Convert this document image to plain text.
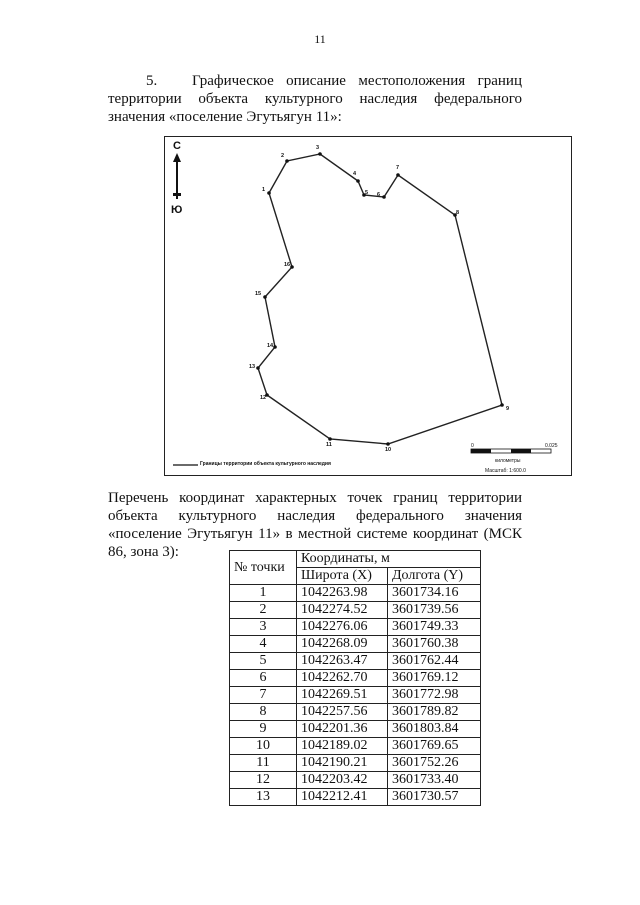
11
5. Графическое описание местоположения границ территории объекта культурного наследия федерального значения «поселение Эгутьягун 11»:
С
Ю
1
2
3
4
5 6
7
8
9
10
11
12
13
14
15
16
Границы территории объекта культурного наследия
0	0.025
километры
Масштаб: 1:600.0
Перечень координат характерных точек границ территории объекта культурного наследия федерального значения «поселение Эгутьягун 11» в местной системе координат (МСК 86, зона 3):
№ точки	Координаты, м	
	Широта (X)	Долгота (Y)
1	1042263.98	3601734.16
2	1042274.52	3601739.56
3	1042276.06	3601749.33
4	1042268.09	3601760.38
5	1042263.47	3601762.44
6	1042262.70	3601769.12
7	1042269.51	3601772.98
8	1042257.56	3601789.82
9	1042201.36	3601803.84
10	1042189.02	3601769.65
11	1042190.21	3601752.26
12	1042203.42	3601733.40
13	1042212.41	3601730.57
